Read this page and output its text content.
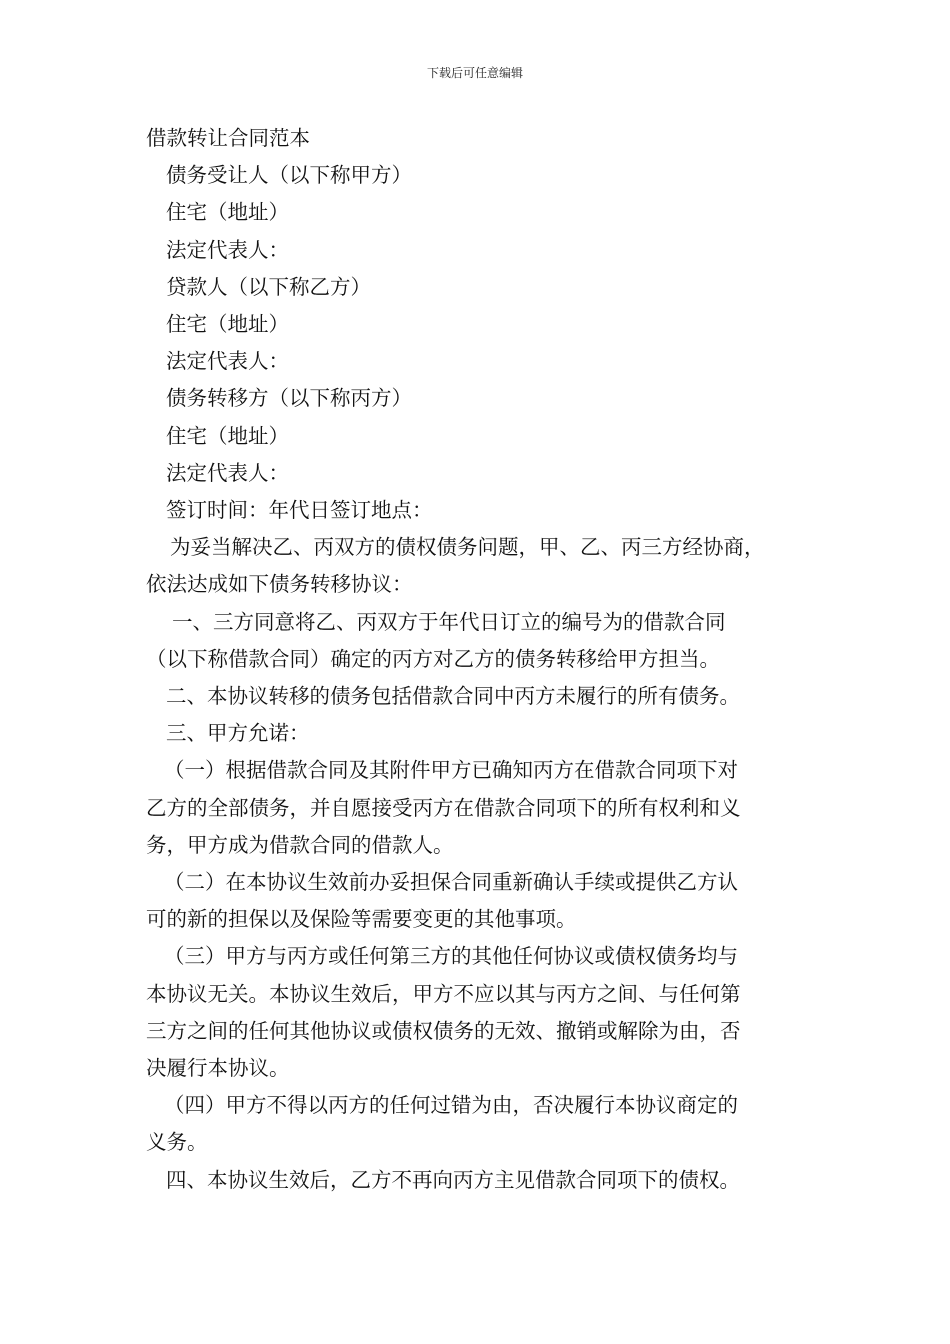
下载后可任意编辑
借款转让合同范本
债务受让人（以下称甲方）
住宅（地址）
法定代表人：
贷款人（以下称乙方）
住宅（地址）
法定代表人：
债务转移方（以下称丙方）
住宅（地址）
法定代表人：
签订时间：年代日签订地点：
为妥当解决乙、丙双方的债权债务问题，甲、乙、丙三方经协商，
依法达成如下债务转移协议：
一、三方同意将乙、丙双方于年代日订立的编号为的借款合同
（以下称借款合同）确定的丙方对乙方的债务转移给甲方担当。
二、本协议转移的债务包括借款合同中丙方未履行的所有债务。
三、甲方允诺：
（一）根据借款合同及其附件甲方已确知丙方在借款合同项下对
乙方的全部债务，并自愿接受丙方在借款合同项下的所有权利和义
务，甲方成为借款合同的借款人。
（二）在本协议生效前办妥担保合同重新确认手续或提供乙方认
可的新的担保以及保险等需要变更的其他事项。
（三）甲方与丙方或任何第三方的其他任何协议或债权债务均与
本协议无关。本协议生效后，甲方不应以其与丙方之间、与任何第
三方之间的任何其他协议或债权债务的无效、撤销或解除为由，否
决履行本协议。
（四）甲方不得以丙方的任何过错为由，否决履行本协议商定的
义务。
四、本协议生效后，乙方不再向丙方主见借款合同项下的债权。
